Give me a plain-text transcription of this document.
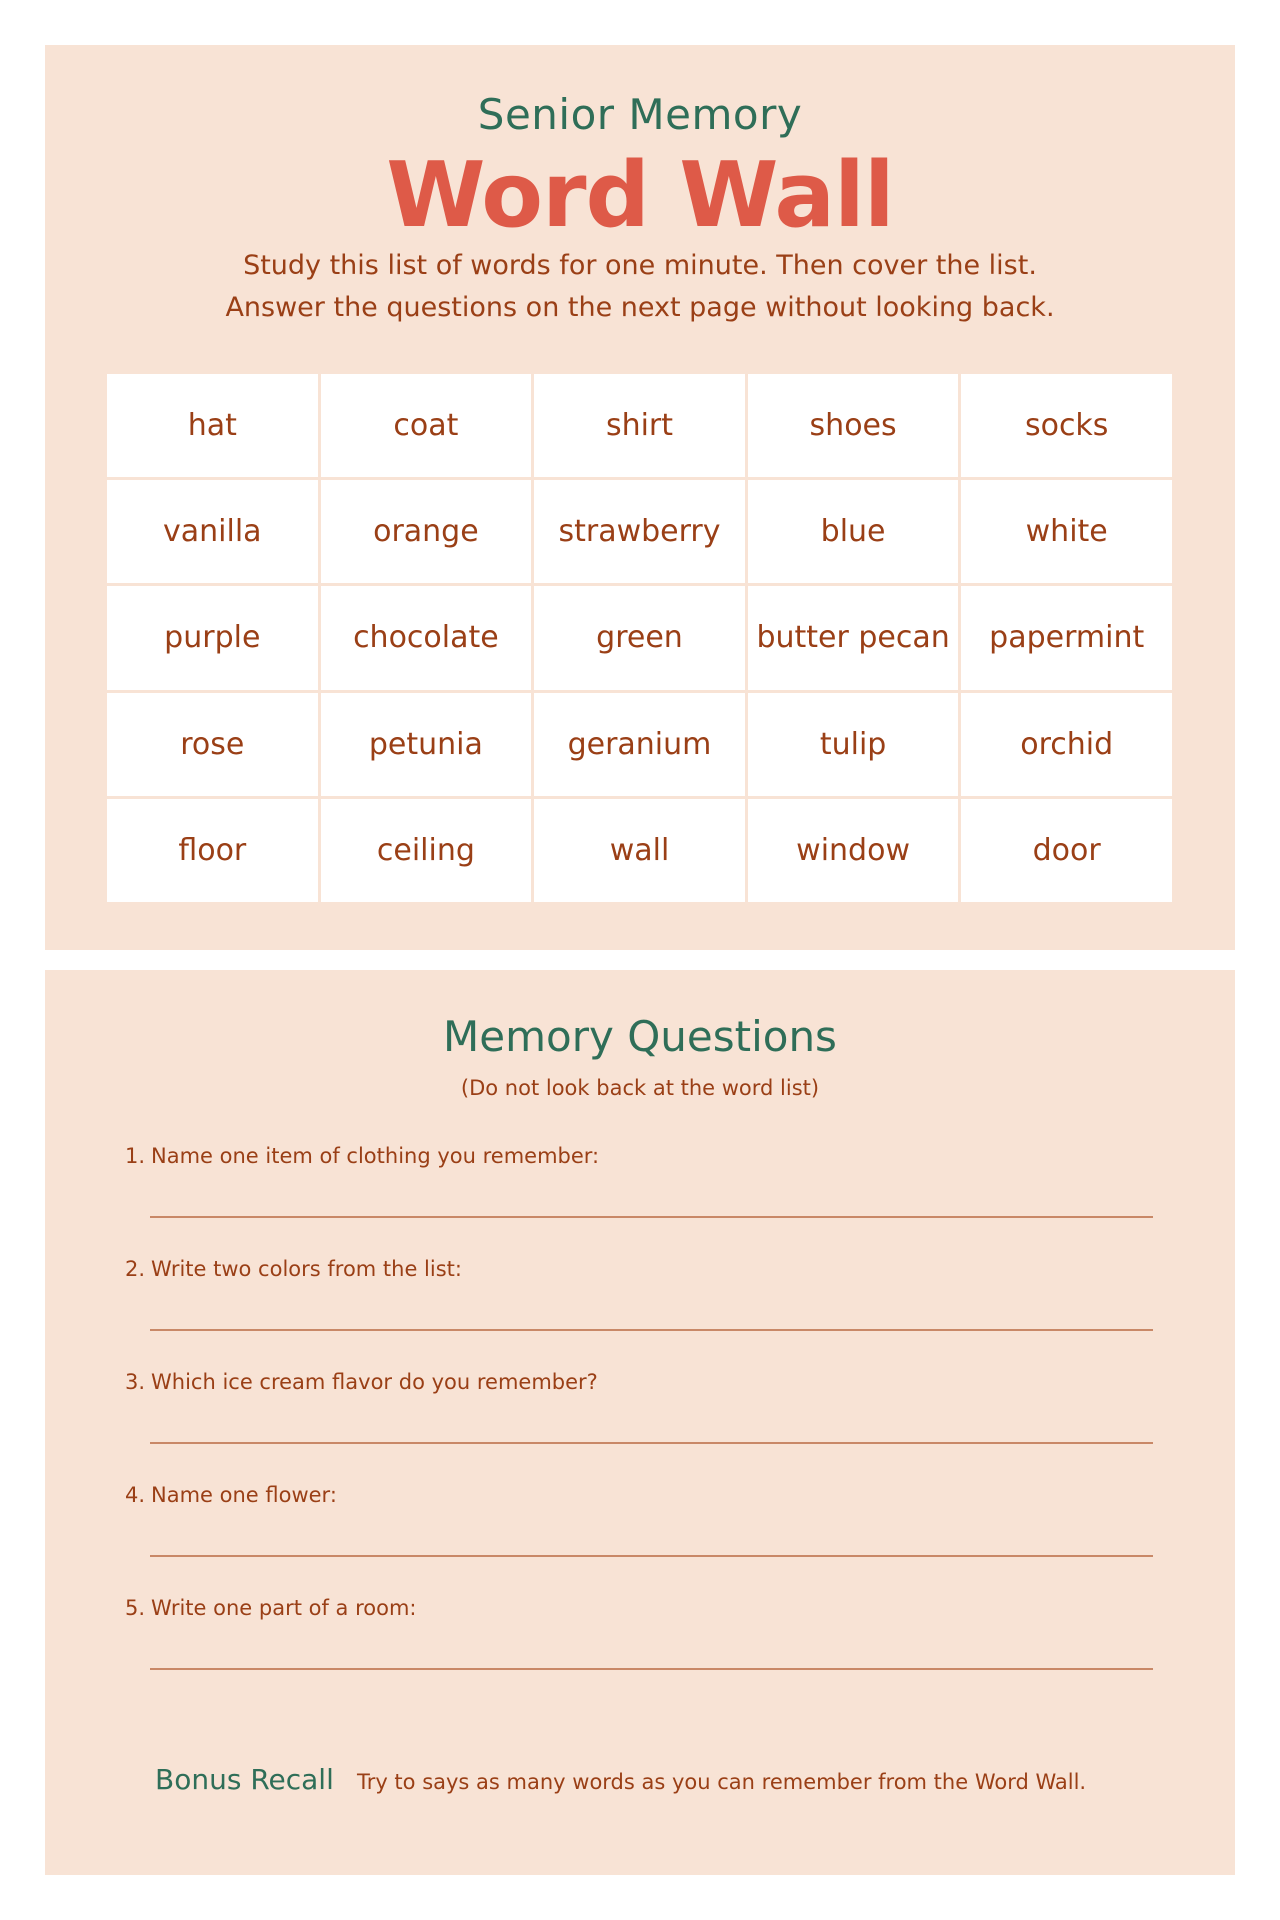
Senior Memory
Word Wall
Study this list of words for one minute. Then cover the list.
Answer the questions on the next page without looking back.
hat	coat	shirt	shoes	socks
vanilla	orange	strawberry	blue	white
purple	chocolate	green	butter pecan	papermint
rose	petunia	geranium	tulip	orchid
floor	ceiling	wall	window	door
Memory Questions
(Do not look back at the word list)
1. Name one item of clothing you remember:
2. Write two colors from the list:
3. Which ice cream flavor do you remember?
4. Name one flower:
5. Write one part of a room:
Bonus Recall Try to says as many words as you can remember from the Word Wall.
